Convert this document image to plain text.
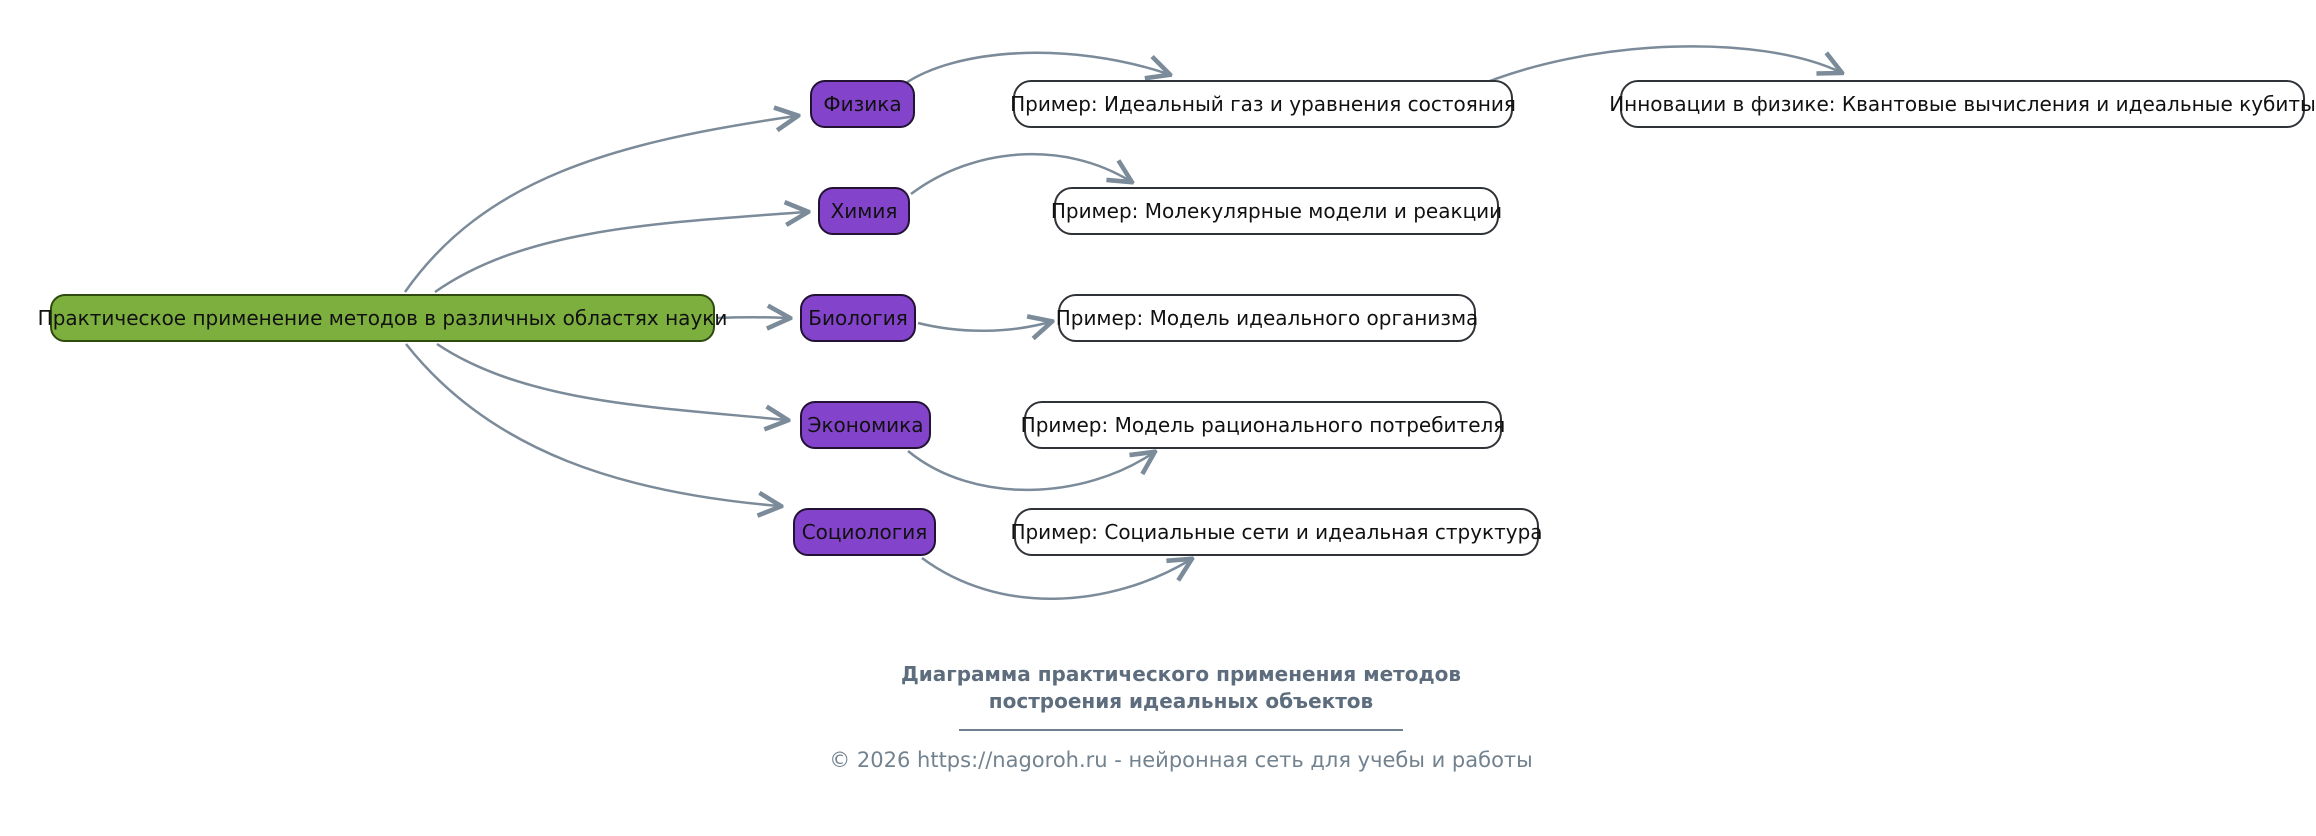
Практическое применение методов в различных областях науки
Физика	Пример: Идеальный газ и уравнения состояния	Инновации в физике: Квантовые вычисления и идеальные кубиты
Химия	Пример: Молекулярные модели и реакции
Биология	Пример: Модель идеального организма
Экономика	Пример: Модель рационального потребителя
Социология	Пример: Социальные сети и идеальная структура
Диаграмма практического применения методов
построения идеальных объектов
© 2026 https://nagoroh.ru - нейронная сеть для учебы и работы
